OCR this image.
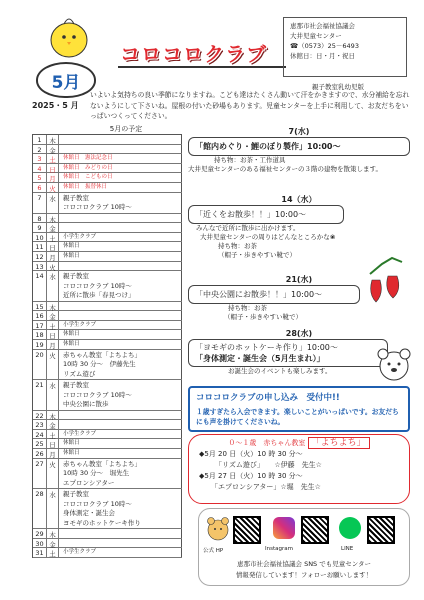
5月
2025・5 月
コロコロクラブ
恵那市社会福祉協議会
大井児童センター
☎（0573）25－6493
休館日：日・月・祝日
親子教室乳幼児版
いよいよ気持ちの良い季節になりますね。こども達はたくさん動いて汗をかきますので、水分補給を忘れないようにして下さいね。屋根の付いた砂場もあります。児童センターを上手に利用して、お友だちをいっぱいつくってください。
5月の予定
1	木
2	金
3	土	休館日　憲法記念日
4	日	休館日　みどりの日
5	月	休館日　こどもの日
6	火	休館日　振替休日
7	水	親子教室
コロコロクラブ 10時～
8	木
9	金
10 土	小学生クラブ
11 日	休館日
12 月	休館日
13 火
14 水	親子教室
コロコロクラブ 10時～
近所に散歩「春見つけ」
15 木
16 金
17 土	小学生クラブ
18 日	休館日
19 月	休館日
20 火	赤ちゃん教室「よちよち」
10時 30 分～　伊藤先生
リズム遊び
21 水	親子教室
コロコロクラブ 10時～
中央公園に散歩
22 木
23 金
24 土	小学生クラブ
25 日	休館日
26 月	休館日
27 火	赤ちゃん教室「よちよち」
10時 30 分～　堀先生
エプロンシアター
28 水	親子教室
コロコロクラブ 10時～
身体測定・誕生会
ヨモギのホットケーキ作り
29 木
30 金
31 土	小学生クラブ
7(水)
「館内めぐり・鯉のぼり製作」10:00～
持ち物：お茶・工作道具
大井児童センターのある福祉センターの３階の建物を散策します。
14（水）
「近くをお散歩！！」10:00～
みんなで近所に散歩に出かけます。
大井児童センターの周りはどんなところかな❀
持ち物：お茶
（帽子・歩きやすい靴で）
21(水)
「中央公園にお散歩！！」10:00～
持ち物：お茶
（帽子・歩きやすい靴で）
28(水)
「ヨモギのホットケーキ作り」10:00～
「身体測定・誕生会（5月生まれ）」
お誕生会のイベントも楽しみます。
コロコロクラブの申し込み　受付中!!
１歳すぎたら入会できます。楽しいことがいっぱいです。お友だちにも声を掛けてくださいね。
０～１歳　赤ちゃん教室 「よちよち」
◆5月 20 日（火）10 時 30 分～
「リズム遊び」　　☆伊藤　先生☆
◆5月 27 日（火）10 時 30 分～
「エプロンシアター」☆堀　先生☆
公式 HP	Instagram	LINE
恵那市社会福祉協議会 SNS でも児童センター
情報発信しています！フォローお願いします！
